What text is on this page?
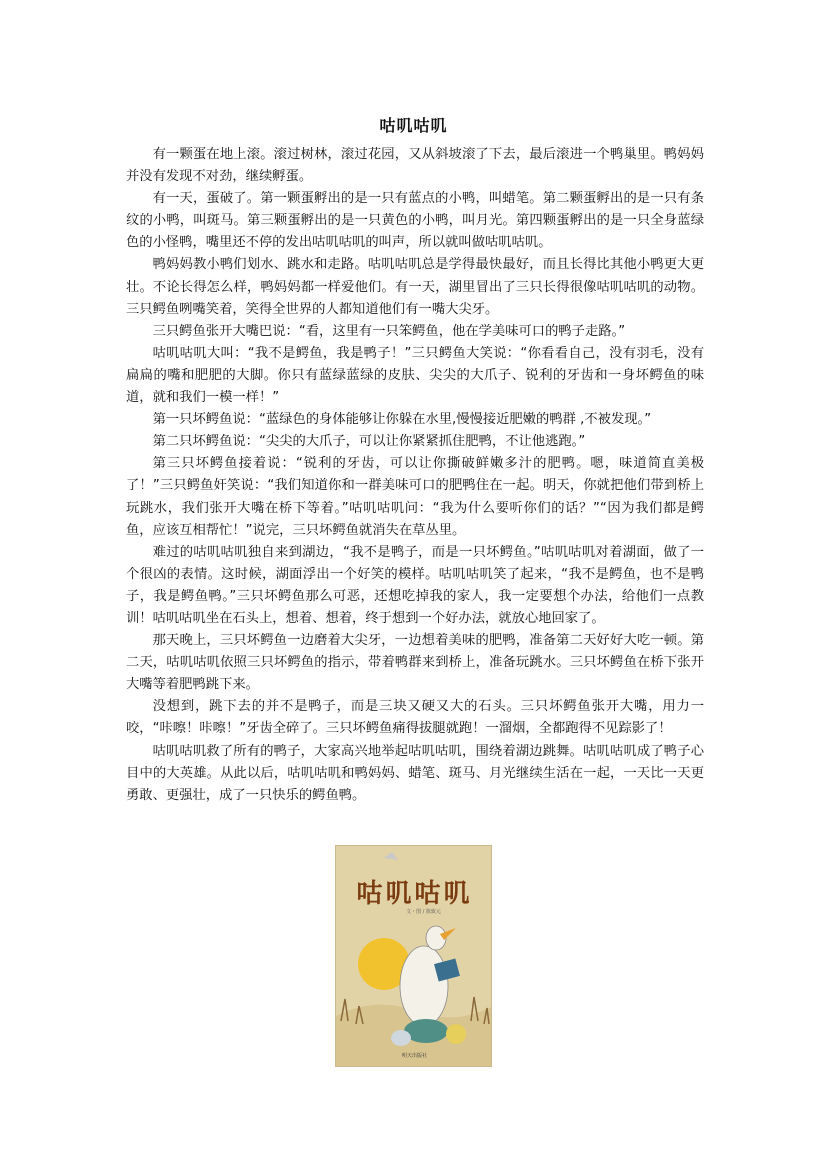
咕叽咕叽

有一颗蛋在地上滚。滚过树林，滚过花园，又从斜坡滚了下去，最后滚进一个鸭巢里。鸭妈妈并没有发现不对劲，继续孵蛋。

有一天，蛋破了。第一颗蛋孵出的是一只有蓝点的小鸭，叫蜡笔。第二颗蛋孵出的是一只有条纹的小鸭，叫斑马。第三颗蛋孵出的是一只黄色的小鸭，叫月光。第四颗蛋孵出的是一只全身蓝绿色的小怪鸭，嘴里还不停的发出咕叽咕叽的叫声，所以就叫做咕叽咕叽。

鸭妈妈教小鸭们划水、跳水和走路。咕叽咕叽总是学得最快最好，而且长得比其他小鸭更大更壮。不论长得怎么样，鸭妈妈都一样爱他们。有一天，湖里冒出了三只长得很像咕叽咕叽的动物。三只鳄鱼咧嘴笑着，笑得全世界的人都知道他们有一嘴大尖牙。

三只鳄鱼张开大嘴巴说：“看，这里有一只笨鳄鱼，他在学美味可口的鸭子走路。”

咕叽咕叽大叫：“我不是鳄鱼，我是鸭子！”三只鳄鱼大笑说：“你看看自己，没有羽毛，没有扁扁的嘴和肥肥的大脚。你只有蓝绿蓝绿的皮肤、尖尖的大爪子、锐利的牙齿和一身坏鳄鱼的味道，就和我们一模一样！”

第一只坏鳄鱼说：“蓝绿色的身体能够让你躲在水里,慢慢接近肥嫩的鸭群 ,不被发现。”

第二只坏鳄鱼说：“尖尖的大爪子，可以让你紧紧抓住肥鸭，不让他逃跑。”

第三只坏鳄鱼接着说：“锐利的牙齿，可以让你撕破鲜嫩多汁的肥鸭。嗯，味道简直美极了！”三只鳄鱼奸笑说：“我们知道你和一群美味可口的肥鸭住在一起。明天，你就把他们带到桥上玩跳水，我们张开大嘴在桥下等着。”咕叽咕叽问：“我为什么要听你们的话？”“因为我们都是鳄鱼，应该互相帮忙！”说完，三只坏鳄鱼就消失在草丛里。

难过的咕叽咕叽独自来到湖边，“我不是鸭子，而是一只坏鳄鱼。”咕叽咕叽对着湖面，做了一个很凶的表情。这时候，湖面浮出一个好笑的模样。咕叽咕叽笑了起来，“我不是鳄鱼，也不是鸭子，我是鳄鱼鸭。”三只坏鳄鱼那么可恶，还想吃掉我的家人，我一定要想个办法，给他们一点教训！咕叽咕叽坐在石头上，想着、想着，终于想到一个好办法，就放心地回家了。

那天晚上，三只坏鳄鱼一边磨着大尖牙，一边想着美味的肥鸭，准备第二天好好大吃一顿。第二天，咕叽咕叽依照三只坏鳄鱼的指示，带着鸭群来到桥上，准备玩跳水。三只坏鳄鱼在桥下张开大嘴等着肥鸭跳下来。

没想到，跳下去的并不是鸭子，而是三块又硬又大的石头。三只坏鳄鱼张开大嘴，用力一咬，“咔嚓！咔嚓！”牙齿全碎了。三只坏鳄鱼痛得拔腿就跑！一溜烟，全都跑得不见踪影了！

咕叽咕叽救了所有的鸭子，大家高兴地举起咕叽咕叽，围绕着湖边跳舞。咕叽咕叽成了鸭子心目中的大英雄。从此以后，咕叽咕叽和鸭妈妈、蜡笔、斑马、月光继续生活在一起，一天比一天更勇敢、更强壮，成了一只快乐的鳄鱼鸭。

咕叽咕叽
文・图 / 陈致元
明天出版社
